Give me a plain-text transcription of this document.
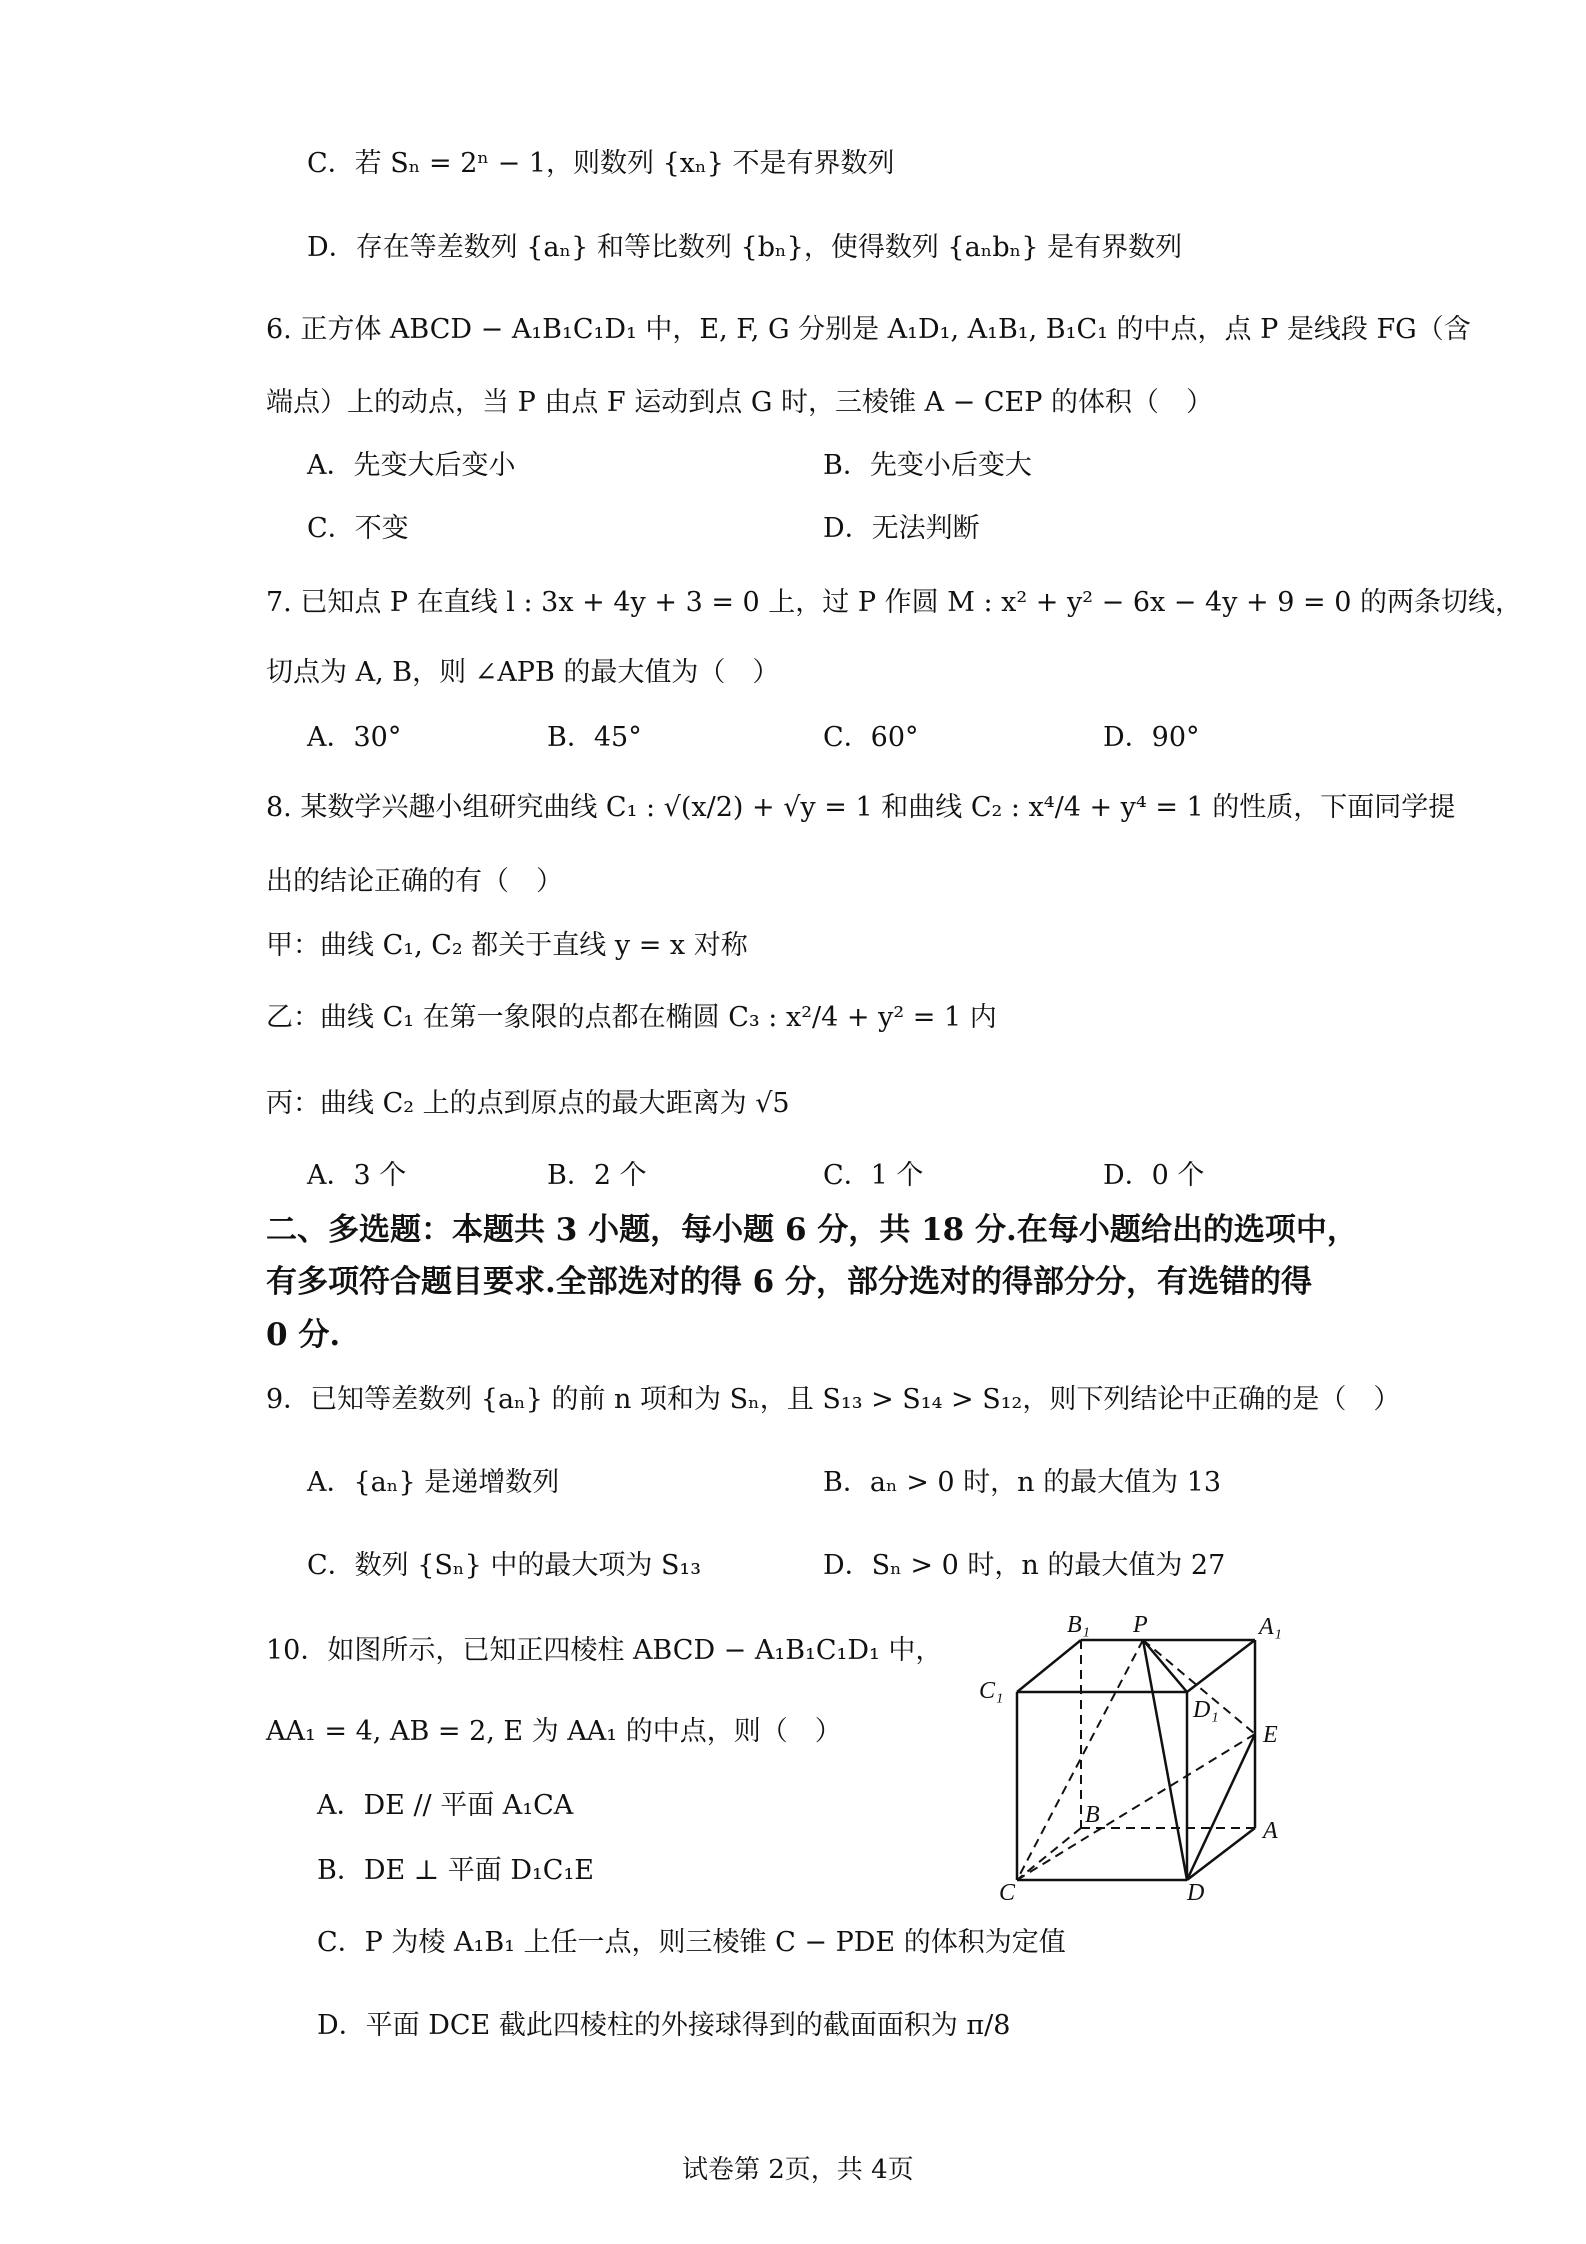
C．若 Sₙ = 2ⁿ − 1，则数列 {xₙ} 不是有界数列
D．存在等差数列 {aₙ} 和等比数列 {bₙ}，使得数列 {aₙbₙ} 是有界数列
6. 正方体 ABCD − A₁B₁C₁D₁ 中，E, F, G 分别是 A₁D₁, A₁B₁, B₁C₁ 的中点，点 P 是线段 FG（含
端点）上的动点，当 P 由点 F 运动到点 G 时，三棱锥 A − CEP 的体积（　）
A．先变大后变小	B．先变小后变大
C．不变	D．无法判断
7. 已知点 P 在直线 l : 3x + 4y + 3 = 0 上，过 P 作圆 M : x² + y² − 6x − 4y + 9 = 0 的两条切线，
切点为 A, B，则 ∠APB 的最大值为（　）
A．30°	B．45°	C．60°	D．90°
8. 某数学兴趣小组研究曲线 C₁ : √(x/2) + √y = 1 和曲线 C₂ : x⁴/4 + y⁴ = 1 的性质，下面同学提
出的结论正确的有（　）
甲：曲线 C₁, C₂ 都关于直线 y = x 对称
乙：曲线 C₁ 在第一象限的点都在椭圆 C₃ : x²/4 + y² = 1 内
丙：曲线 C₂ 上的点到原点的最大距离为 √5
A．3 个	B．2 个	C．1 个	D．0 个
二、多选题：本题共 3 小题，每小题 6 分，共 18 分.在每小题给出的选项中，
有多项符合题目要求.全部选对的得 6 分，部分选对的得部分分，有选错的得
0 分.
9．已知等差数列 {aₙ} 的前 n 项和为 Sₙ，且 S₁₃ > S₁₄ > S₁₂，则下列结论中正确的是（　）
A．{aₙ} 是递增数列	B．aₙ > 0 时，n 的最大值为 13
C．数列 {Sₙ} 中的最大项为 S₁₃	D．Sₙ > 0 时，n 的最大值为 27
10．如图所示，已知正四棱柱 ABCD − A₁B₁C₁D₁ 中，
AA₁ = 4, AB = 2, E 为 AA₁ 的中点，则（　）
A．DE // 平面 A₁CA
B．DE ⊥ 平面 D₁C₁E
C．P 为棱 A₁B₁ 上任一点，则三棱锥 C − PDE 的体积为定值
D．平面 DCE 截此四棱柱的外接球得到的截面面积为 π/8
B₁ P	A₁
C₁
D₁
E
B
A
C	D
试卷第 2页，共 4页
